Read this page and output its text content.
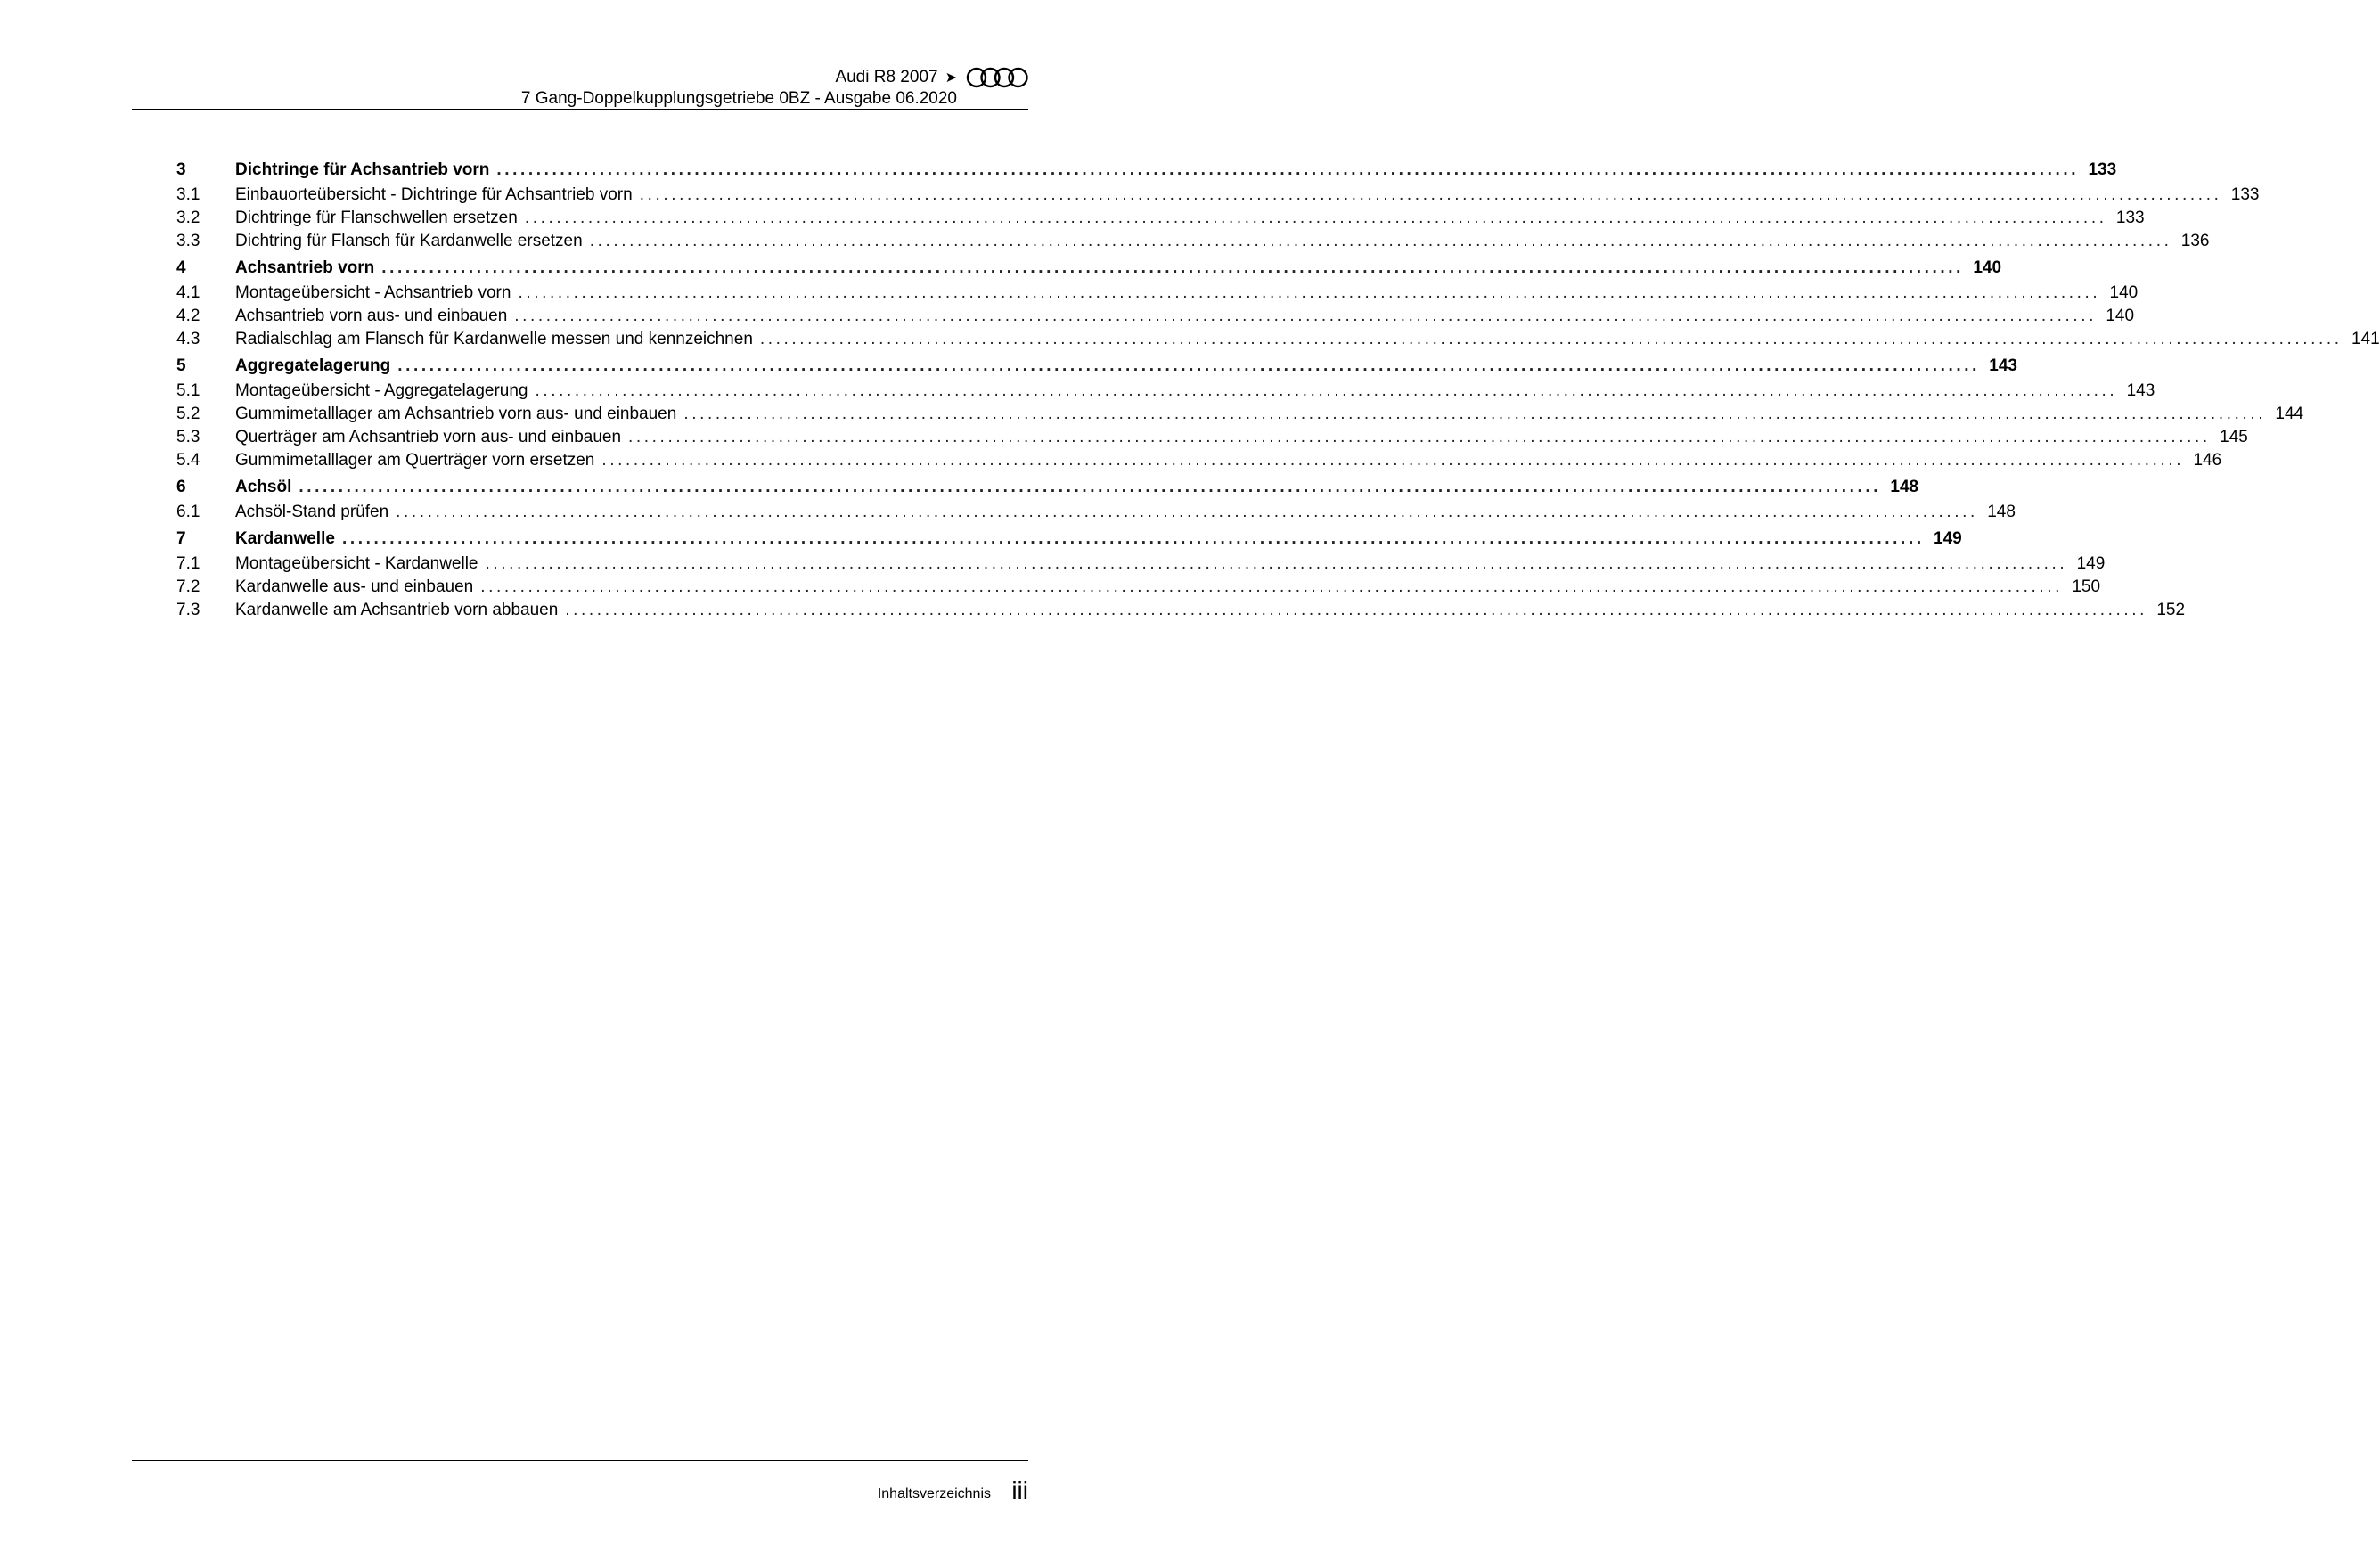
Audi R8 2007 ➤
7 Gang-Doppelkupplungsgetriebe 0BZ - Ausgabe 06.2020
3	Dichtringe für Achsantrieb vorn ........................................................................................................................................................................................................ 133
3.1	Einbauorteübersicht - Dichtringe für Achsantrieb vorn ........................................................................................................................................................................................................ 133
3.2	Dichtringe für Flanschwellen ersetzen ........................................................................................................................................................................................................ 133
3.3	Dichtring für Flansch für Kardanwelle ersetzen ........................................................................................................................................................................................................ 136
4	Achsantrieb vorn ........................................................................................................................................................................................................ 140
4.1	Montageübersicht - Achsantrieb vorn ........................................................................................................................................................................................................ 140
4.2	Achsantrieb vorn aus- und einbauen ........................................................................................................................................................................................................ 140
4.3	Radialschlag am Flansch für Kardanwelle messen und kennzeichnen ........................................................................................................................................................................................................ 141
5	Aggregatelagerung ........................................................................................................................................................................................................ 143
5.1	Montageübersicht - Aggregatelagerung ........................................................................................................................................................................................................ 143
5.2	Gummimetalllager am Achsantrieb vorn aus- und einbauen ........................................................................................................................................................................................................ 144
5.3	Querträger am Achsantrieb vorn aus- und einbauen ........................................................................................................................................................................................................ 145
5.4	Gummimetalllager am Querträger vorn ersetzen ........................................................................................................................................................................................................ 146
6	Achsöl ........................................................................................................................................................................................................ 148
6.1	Achsöl-Stand prüfen ........................................................................................................................................................................................................ 148
7	Kardanwelle ........................................................................................................................................................................................................ 149
7.1	Montageübersicht - Kardanwelle ........................................................................................................................................................................................................ 149
7.2	Kardanwelle aus- und einbauen ........................................................................................................................................................................................................ 150
7.3	Kardanwelle am Achsantrieb vorn abbauen ........................................................................................................................................................................................................ 152
Inhaltsverzeichnis iii
